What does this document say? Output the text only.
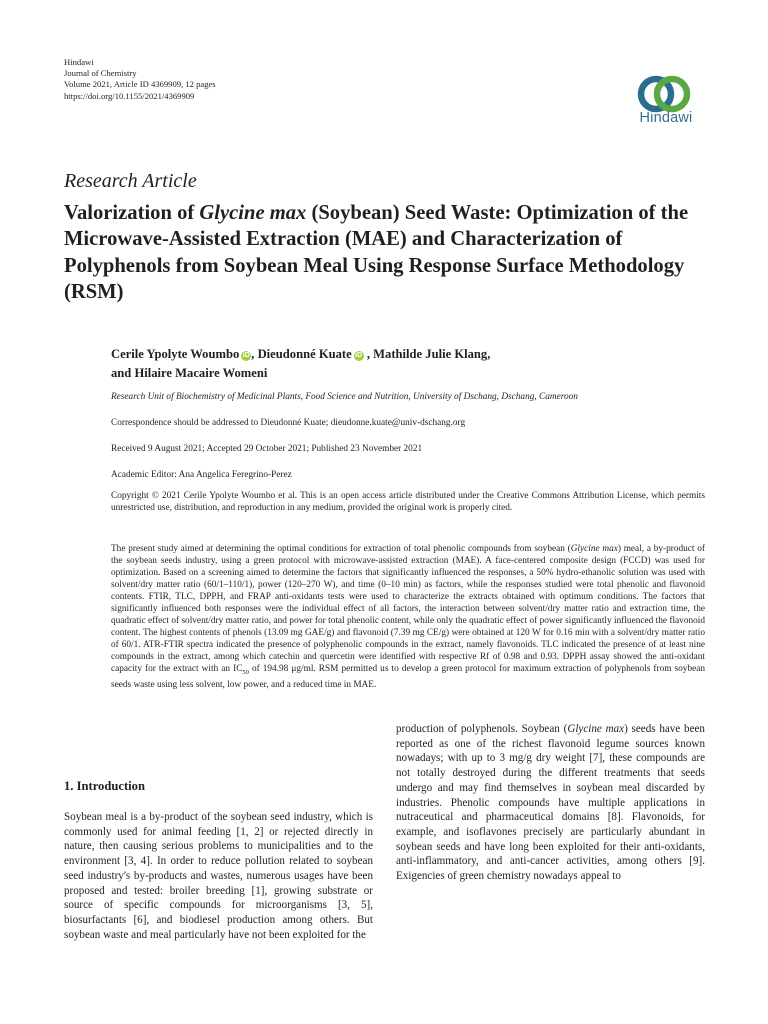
Hindawi
Journal of Chemistry
Volume 2021, Article ID 4369909, 12 pages
https://doi.org/10.1155/2021/4369909
Hindawi
Research Article
Valorization of Glycine max (Soybean) Seed Waste: Optimization of the Microwave-Assisted Extraction (MAE) and Characterization of Polyphenols from Soybean Meal Using Response Surface Methodology (RSM)
Cerile Ypolyte Woumbo iD , Dieudonné Kuate iD , Mathilde Julie Klang,
and Hilaire Macaire Womeni
Research Unit of Biochemistry of Medicinal Plants, Food Science and Nutrition, University of Dschang, Dschang, Cameroon
Correspondence should be addressed to Dieudonné Kuate; dieudonne.kuate@univ-dschang.org
Received 9 August 2021; Accepted 29 October 2021; Published 23 November 2021
Academic Editor: Ana Angelica Feregrino-Perez
Copyright © 2021 Cerile Ypolyte Woumbo et al. This is an open access article distributed under the Creative Commons Attribution License, which permits unrestricted use, distribution, and reproduction in any medium, provided the original work is properly cited.
The present study aimed at determining the optimal conditions for extraction of total phenolic compounds from soybean (Glycine max) meal, a by-product of the soybean seeds industry, using a green protocol with microwave-assisted extraction (MAE). A face-centered composite design (FCCD) was used for optimization. Based on a screening aimed to determine the factors that significantly influenced the responses, a 50% hydro-ethanolic solution was used with solvent/dry matter ratio (60/1–110/1), power (120–270 W), and time (0–10 min) as factors, while the responses studied were total phenolic and flavonoid contents. FTIR, TLC, DPPH, and FRAP anti-oxidants tests were used to characterize the extracts obtained with optimum conditions. The factors that significantly influenced both responses were the individual effect of all factors, the interaction between solvent/dry matter ratio and extraction time, the quadratic effect of solvent/dry matter ratio, and power for total phenolic content, while only the quadratic effect of power significantly influenced the flavonoid content. The highest contents of phenols (13.09 mg GAE/g) and flavonoid (7.39 mg CE/g) were obtained at 120 W for 0.16 min with a solvent/dry matter ratio of 60/1. ATR-FTIR spectra indicated the presence of polyphenolic compounds in the extract, namely flavonoids. TLC indicated the presence of at least nine compounds in the extract, among which catechin and quercetin were identified with respective Rf of 0.98 and 0.93. DPPH assay showed the anti-oxidant capacity for the extract with an $IC_{50}$ of 194.98 μg/ml. RSM permitted us to develop a green protocol for maximum extraction of polyphenols from soybean seeds waste using less solvent, low power, and a reduced time in MAE.
1. Introduction
Soybean meal is a by-product of the soybean seed industry, which is commonly used for animal feeding [1, 2] or rejected directly in nature, then causing serious problems to municipalities and to the environment [3, 4]. In order to reduce pollution related to soybean seed industry's by-products and wastes, numerous usages have been proposed and tested: broiler breeding [1], growing substrate or source of specific compounds for microorganisms [3, 5], biosurfactants [6], and biodiesel production among others. But soybean waste and meal particularly have not been exploited for the
production of polyphenols. Soybean (Glycine max) seeds have been reported as one of the richest flavonoid legume sources known nowadays; with up to 3 mg/g dry weight [7], these compounds are not totally destroyed during the different treatments that seeds undergo and may find themselves in soybean meal discarded by industries. Phenolic compounds have multiple applications in nutraceutical and pharmaceutical domains [8]. Flavonoids, for example, and isoflavones precisely are particularly abundant in soybean seeds and have long been exploited for their anti-oxidants, anti-inflammatory, and anti-cancer activities, among others [9]. Exigencies of green chemistry nowadays appeal to
